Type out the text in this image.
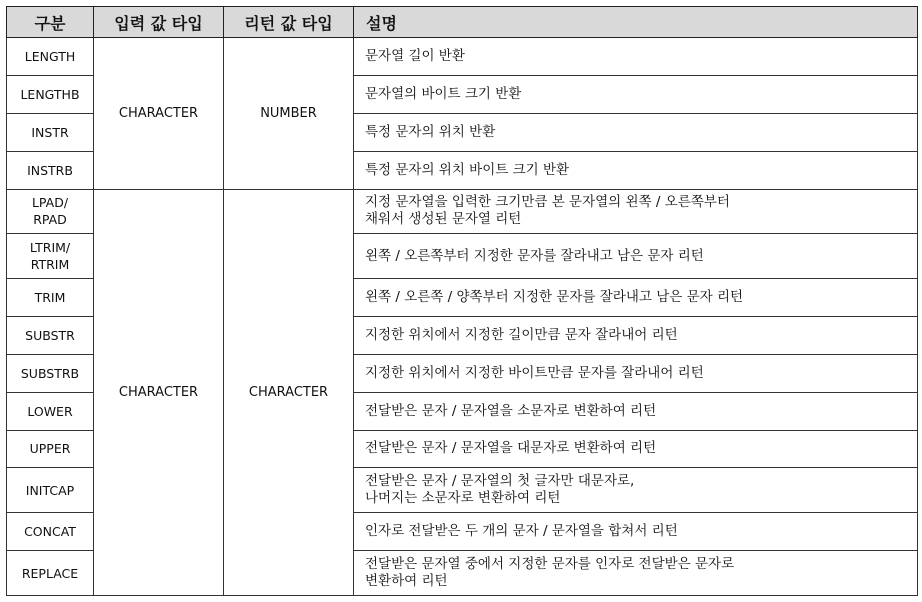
구분	입력 값 타입	리턴 값 타입	설명

LENGTH	CHARACTER	NUMBER	문자열 길이 반환

LENGTHB			문자열의 바이트 크기 반환

INSTR			특정 문자의 위치 반환

INSTRB			특정 문자의 위치 바이트 크기 반환

LPAD/
RPAD	CHARACTER	CHARACTER	지정 문자열을 입력한 크기만큼 본 문자열의 왼쪽 / 오른쪽부터
채워서 생성된 문자열 리턴

LTRIM/
RTRIM			왼쪽 / 오른쪽부터 지정한 문자를 잘라내고 남은 문자 리턴

TRIM			왼쪽 / 오른쪽 / 양쪽부터 지정한 문자를 잘라내고 남은 문자 리턴

SUBSTR			지정한 위치에서 지정한 길이만큼 문자 잘라내어 리턴

SUBSTRB			지정한 위치에서 지정한 바이트만큼 문자를 잘라내어 리턴

LOWER			전달받은 문자 / 문자열을 소문자로 변환하여 리턴

UPPER			전달받은 문자 / 문자열을 대문자로 변환하여 리턴

INITCAP			전달받은 문자 / 문자열의 첫 글자만 대문자로,
나머지는 소문자로 변환하여 리턴

CONCAT			인자로 전달받은 두 개의 문자 / 문자열을 합쳐서 리턴

REPLACE			전달받은 문자열 중에서 지정한 문자를 인자로 전달받은 문자로
변환하여 리턴
